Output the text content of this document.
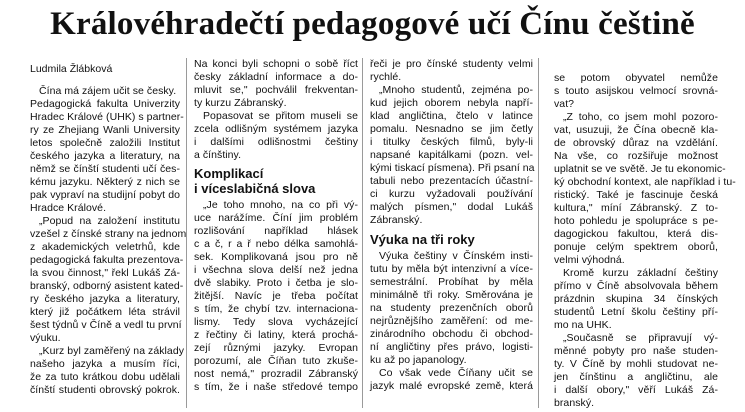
Královéhradečtí pedagogové učí Čínu češtině
Ludmila Žlábková
Čína má zájem učit se česky.
Pedagogická fakulta Univerzity
Hradec Králové (UHK) s partner-
ry ze Zhejiang Wanli University
letos společně založili Institut
českého jazyka a literatury, na
němž se čínští studenti učí čes-
kému jazyku. Některý z nich se
pak vypraví na studijní pobyt do
Hradce Králové.
„Popud na založení institutu
vzešel z čínské strany na jednom
z akademických veletrhů, kde
pedagogická fakulta prezentova-
la svou činnost," řekl Lukáš Zá-
branský, odborný asistent kated-
ry českého jazyka a literatury,
který již počátkem léta strávil
šest týdnů v Číně a vedl tu první
výuku.
„Kurz byl zaměřený na základy
našeho jazyka a musím říci,
že za tuto krátkou dobu udělali
čínští studenti obrovský pokrok.
Na konci byli schopni o sobě říct
česky základní informace a do-
mluvit se," pochválil frekventan-
ty kurzu Zábranský.
Popasovat se přitom museli se
zcela odlišným systémem jazyka
i dalšími odlišnostmi češtiny
a čínštiny.
Komplikací
i víceslabičná slova
„Je toho mnoho, na co při vý-
uce narážíme. Číní jim problém
rozlišování například hlásek
c a č, r a ř nebo délka samohlá-
sek. Komplikovaná jsou pro ně
i všechna slova delší než jedna
dvě slabiky. Proto i četba je slo-
žitější. Navíc je třeba počítat
s tím, že chybí tzv. internaciona-
lismy. Tedy slova vycházející
z řečtiny či latiny, která prochá-
zejí různými jazyky. Evropan
porozumí, ale Číňan tuto zkuše-
nost nemá," prozradil Zábranský
s tím, že i naše středové tempo
řeči je pro čínské studenty velmi
rychlé.
„Mnoho studentů, zejména po-
kud jejich oborem nebyla napří-
klad angličtina, čtelo v latince
pomalu. Nesnadno se jim četly
i titulky českých filmů, byly-li
napsané kapitálkami (pozn. vel-
kými tiskací písmena). Při psaní na
tabuli nebo prezentacích účastní-
ci kurzu vyžadovali používání
malých písmen," dodal Lukáš
Zábranský.
Výuka na tři roky
Výuka češtiny v Čínském insti-
tutu by měla být intenzivní a více-
semestrální. Probíhat by měla
minimálně tři roky. Směrována je
na studenty prezenčních oborů
nejrůznějšího zaměření: od me-
zinárodního obchodu či obchod-
ní angličtiny přes právo, logisti-
ku až po japanology.
Co však vede Číňany učit se
jazyk malé evropské země, která
se potom obyvatel nemůže
s touto asijskou velmocí srovná-
vat?
„Z toho, co jsem mohl pozoro-
vat, usuzuji, že Čína obecně kla-
de obrovský důraz na vzdělání.
Na vše, co rozšiřuje možnost
uplatnit se ve světě. Je tu ekonomic-
ký obchodní kontext, ale například i tu-
ristický. Také je fascinuje česká
kultura," míní Zábranský. Z to-
hoto pohledu je spolupráce s pe-
dagogickou fakultou, která dis-
ponuje celým spektrem oborů,
velmi výhodná.
Kromě kurzu základní češtiny
přímo v Číně absolvovala během
prázdnin skupina 34 čínských
studentů Letní školu češtiny pří-
mo na UHK.
„Současně se připravují vý-
měnné pobyty pro naše studen-
ty. V Číně by mohli studovat ne-
jen čínštinu a angličtinu, ale
i další obory," věří Lukáš Zá-
branský.
